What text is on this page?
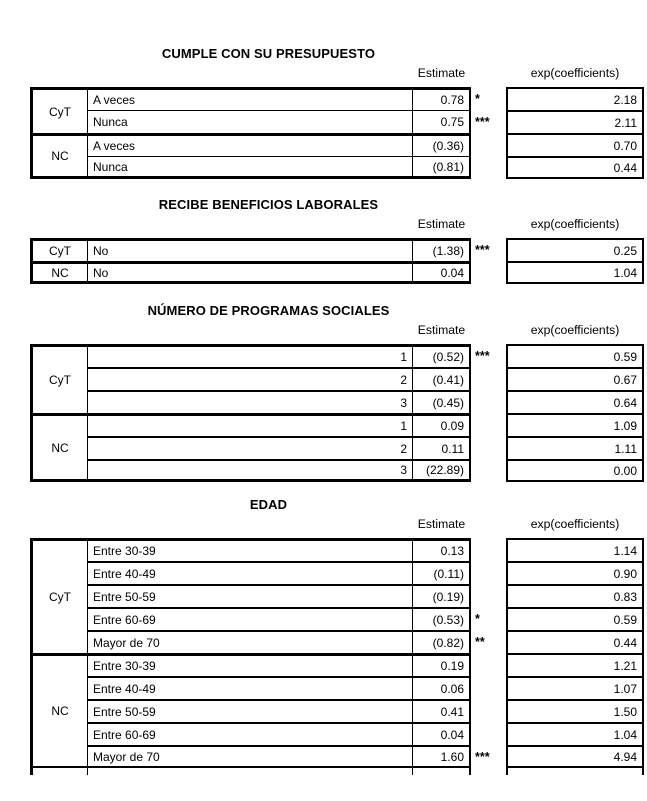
CUMPLE CON SU PRESUPUESTO
Estimate	exp(coefficients)
CyT
A veces	0.78 *	2.18
Nunca	0.75 ***	2.11
NC
A veces	(0.36)	0.70
Nunca	(0.81)	0.44
RECIBE BENEFICIOS LABORALES
Estimate	exp(coefficients)
CyT	No	(1.38) ***	0.25
NC	No	0.04	1.04
NÚMERO DE PROGRAMAS SOCIALES
Estimate	exp(coefficients)
CyT
1	(0.52) ***	0.59
2	(0.41)	0.67
3	(0.45)	0.64
NC
1	0.09	1.09
2	0.11	1.11
3	(22.89)	0.00
EDAD
Estimate	exp(coefficients)
CyT
Entre 30-39	0.13	1.14
Entre 40-49	(0.11)	0.90
Entre 50-59	(0.19)	0.83
Entre 60-69	(0.53) *	0.59
Mayor de 70	(0.82) **	0.44
NC
Entre 30-39	0.19	1.21
Entre 40-49	0.06	1.07
Entre 50-59	0.41	1.50
Entre 60-69	0.04	1.04
Mayor de 70	1.60 ***	4.94
